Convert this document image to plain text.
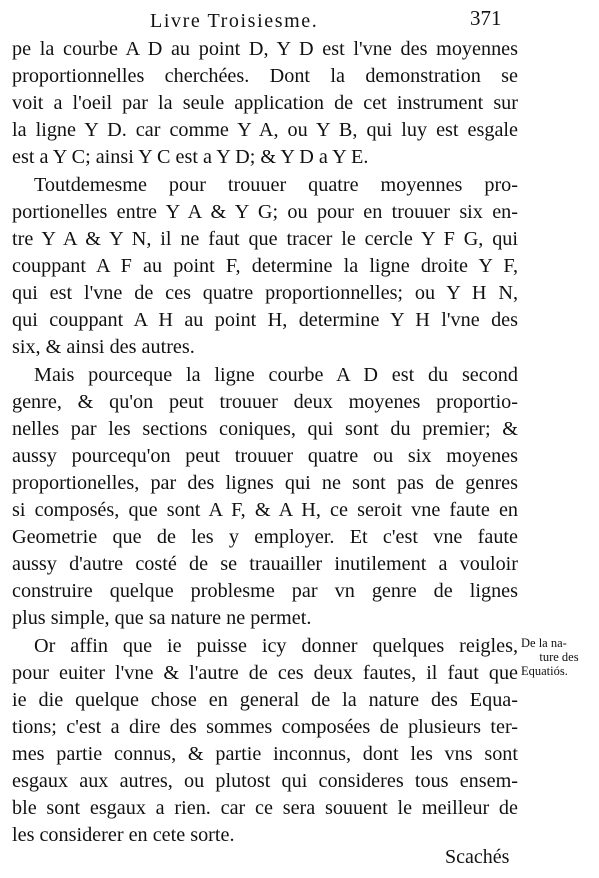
Livre Troisiesme.	371
pe la courbe A D au point D, Y D est l'vne des moyennes
proportionnelles cherchées. Dont la demonstration se
voit a l'oeil par la seule application de cet instrument sur
la ligne Y D. car comme Y A, ou Y B, qui luy est esgale
est a Y C; ainsi Y C est a Y D; & Y D a Y E.
Toutdemesme pour trouuer quatre moyennes pro-
portionelles entre Y A & Y G; ou pour en trouuer six en-
tre Y A & Y N, il ne faut que tracer le cercle Y F G, qui
couppant A F au point F, determine la ligne droite Y F,
qui est l'vne de ces quatre proportionnelles; ou Y H N,
qui couppant A H au point H, determine Y H l'vne des
six, & ainsi des autres.
Mais pourceque la ligne courbe A D est du second
genre, & qu'on peut trouuer deux moyenes proportio-
nelles par les sections coniques, qui sont du premier; &
aussy pourcequ'on peut trouuer quatre ou six moyenes
proportionelles, par des lignes qui ne sont pas de genres
si composés, que sont A F, & A H, ce seroit vne faute en
Geometrie que de les y employer. Et c'est vne faute
aussy d'autre costé de se trauailler inutilement a vouloir
construire quelque problesme par vn genre de lignes
plus simple, que sa nature ne permet.
Or affin que ie puisse icy donner quelques reigles,
pour euiter l'vne & l'autre de ces deux fautes, il faut que
ie die quelque chose en general de la nature des Equa-
tions; c'est a dire des sommes composées de plusieurs ter-
mes partie connus, & partie inconnus, dont les vns sont
esgaux aux autres, ou plutost qui consideres tous ensem-
ble sont esgaux a rien. car ce sera souuent le meilleur de
les considerer en cete sorte.
De la na-
ture des
Equatiós.
Scachés
